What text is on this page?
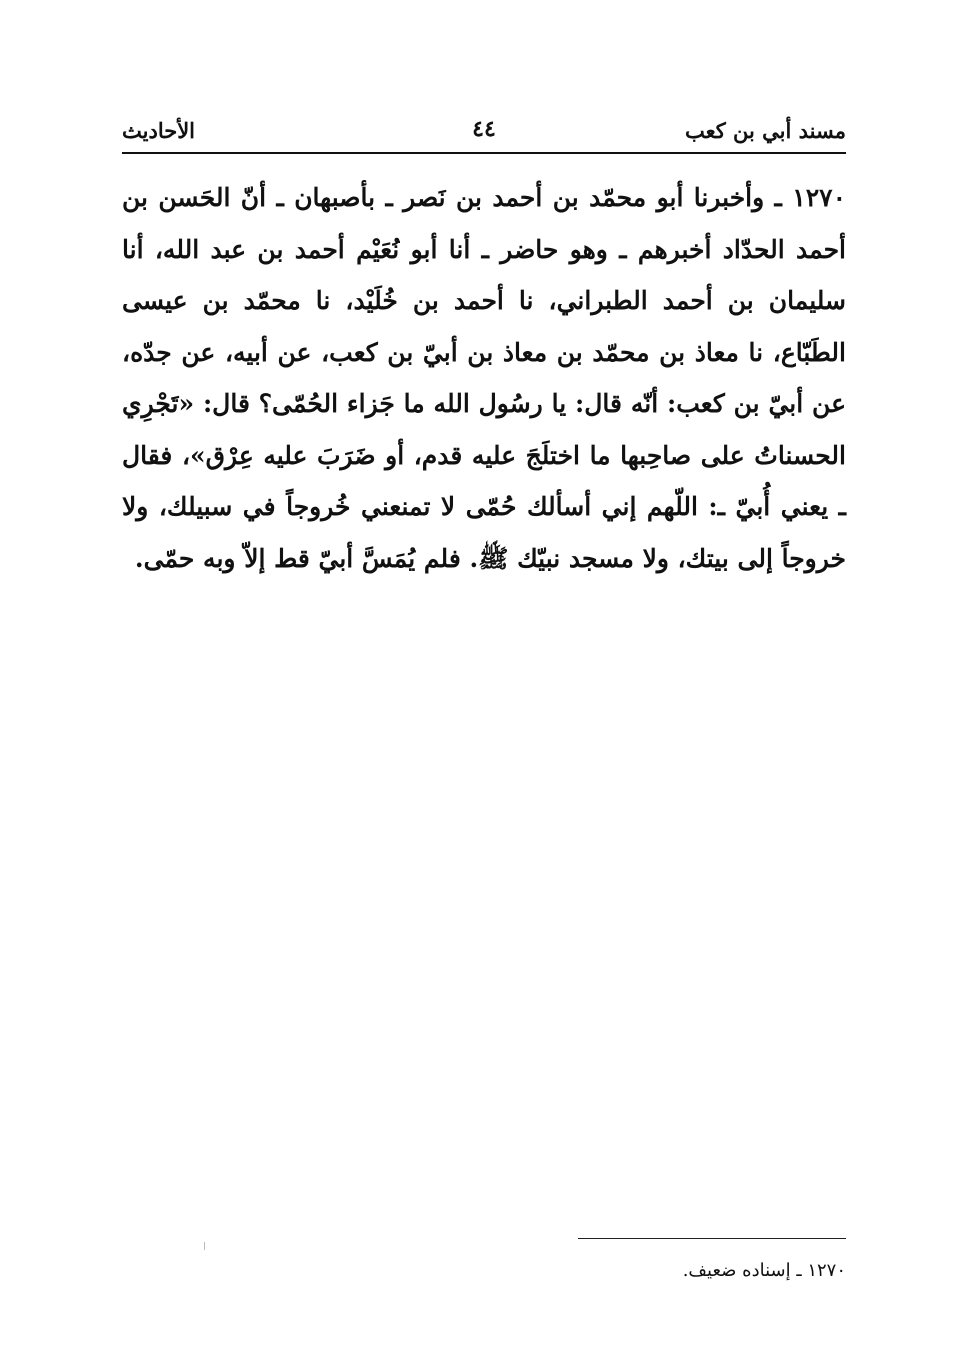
مسند أبي بن كعب
٤٤
الأحاديث
١٢٧٠ ـ وأخبرنا أبو محمّد بن أحمد بن نَصر ـ بأصبهان ـ أنّ الحَسن بن أحمد الحدّاد أخبرهم ـ وهو حاضر ـ أنا أبو نُعَيْم أحمد بن عبد الله، أنا سليمان بن أحمد الطبراني، نا أحمد بن خُلَيْد، نا محمّد بن عيسى الطَبّاع، نا معاذ بن محمّد بن معاذ بن أبيّ بن كعب، عن أبيه، عن جدّه، عن أبيّ بن كعب: أنّه قال: يا رسُول الله ما جَزاء الحُمّى؟ قال: «تَجْرِي الحسناتُ على صاحِبها ما اختلَجَ عليه قدم، أو ضَرَبَ عليه عِرْق»، فقال ـ يعني أُبيّ ـ: اللّهم إني أسألك حُمّى لا تمنعني خُروجاً في سبيلك، ولا خروجاً إلى بيتك، ولا مسجد نبيّك ﷺ. فلم يُمَسَّ أبيّ قط إلاّ وبه حمّى.
١٢٧٠ ـ إسناده ضعيف.
